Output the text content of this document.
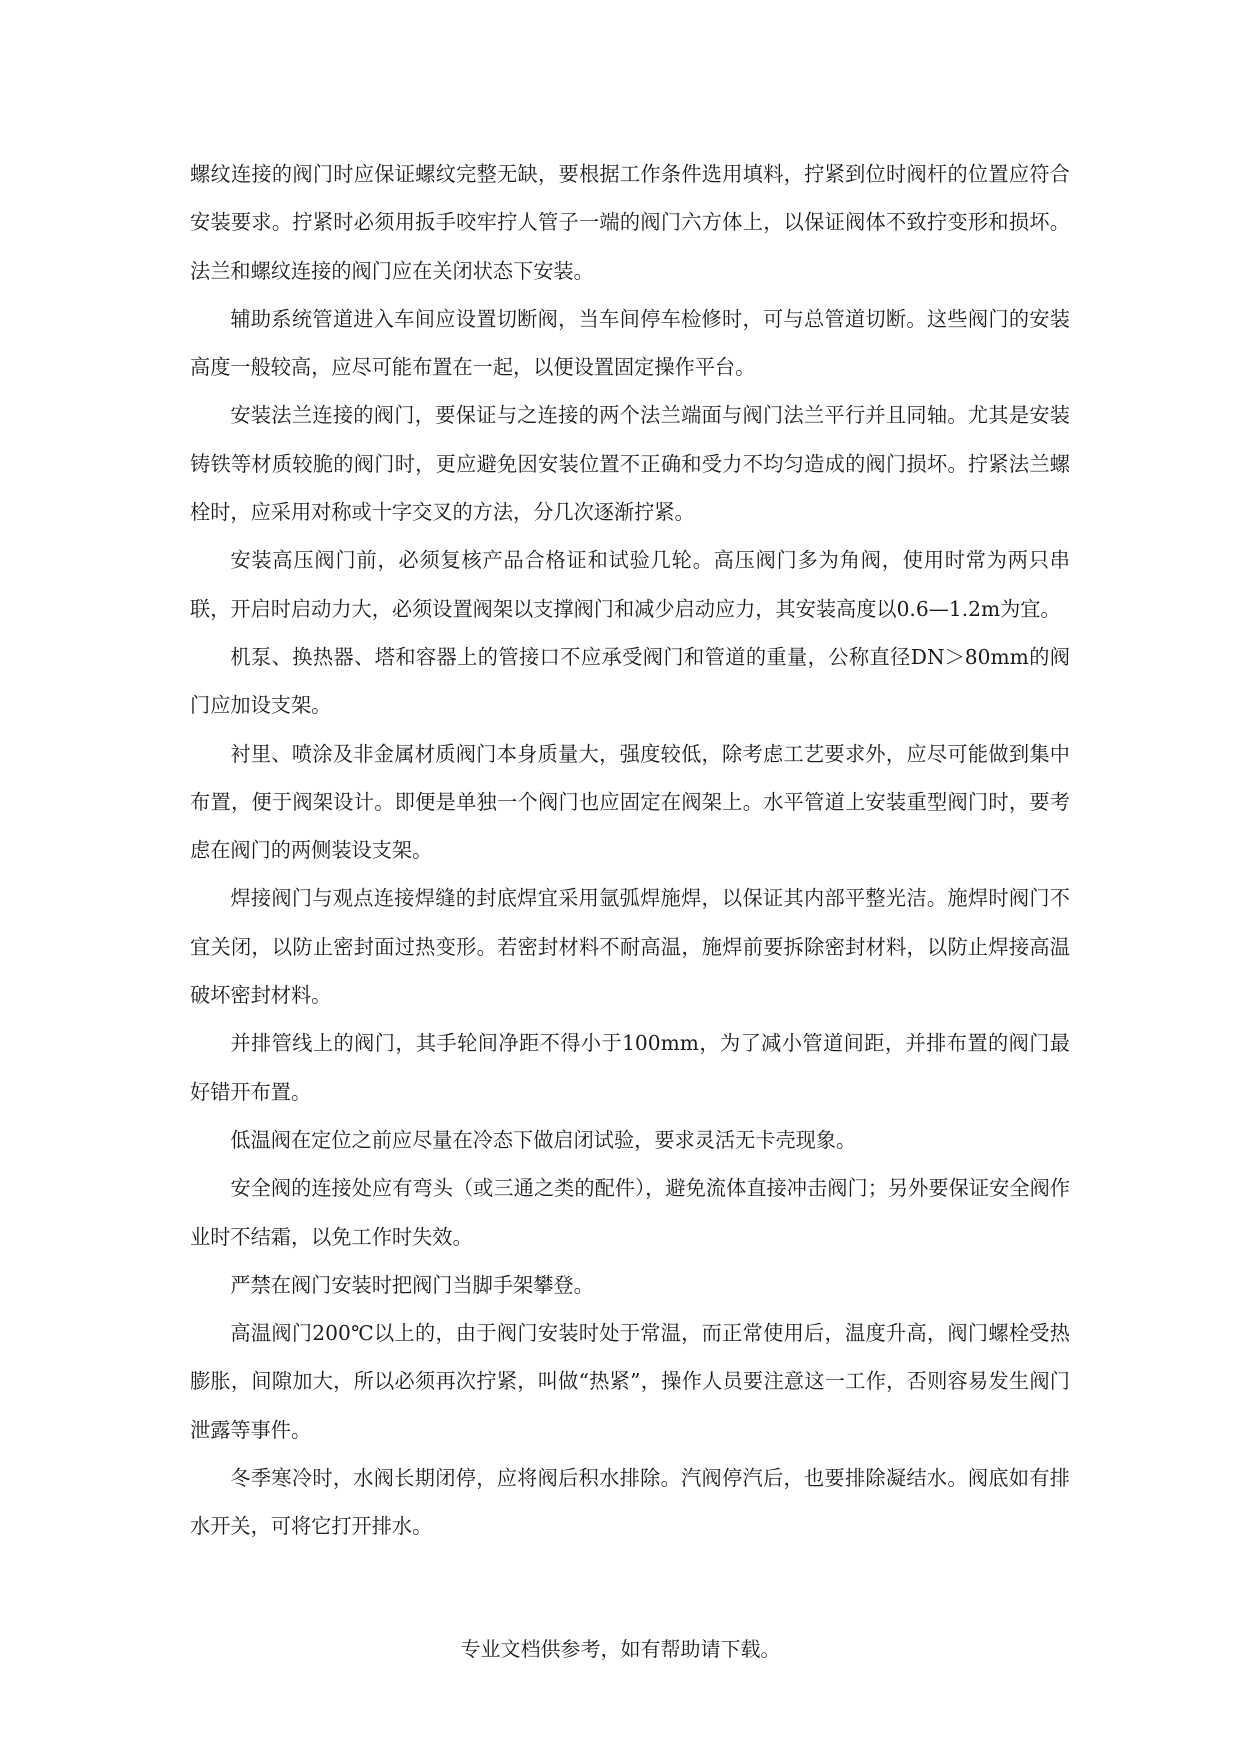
螺纹连接的阀门时应保证螺纹完整无缺，要根据工作条件选用填料，拧紧到位时阀杆的位置应符合安装要求。拧紧时必须用扳手咬牢拧人管子一端的阀门六方体上，以保证阀体不致拧变形和损坏。法兰和螺纹连接的阀门应在关闭状态下安装。

辅助系统管道进入车间应设置切断阀，当车间停车检修时，可与总管道切断。这些阀门的安装高度一般较高，应尽可能布置在一起，以便设置固定操作平台。

安装法兰连接的阀门，要保证与之连接的两个法兰端面与阀门法兰平行并且同轴。尤其是安装铸铁等材质较脆的阀门时，更应避免因安装位置不正确和受力不均匀造成的阀门损坏。拧紧法兰螺栓时，应采用对称或十字交叉的方法，分几次逐渐拧紧。

安装高压阀门前，必须复核产品合格证和试验几轮。高压阀门多为角阀，使用时常为两只串联，开启时启动力大，必须设置阀架以支撑阀门和减少启动应力，其安装高度以0.6—1.2m为宜。

机泵、换热器、塔和容器上的管接口不应承受阀门和管道的重量，公称直径DN＞80mm的阀门应加设支架。

衬里、喷涂及非金属材质阀门本身质量大，强度较低，除考虑工艺要求外，应尽可能做到集中布置，便于阀架设计。即便是单独一个阀门也应固定在阀架上。水平管道上安装重型阀门时，要考虑在阀门的两侧装设支架。

焊接阀门与观点连接焊缝的封底焊宜采用氩弧焊施焊，以保证其内部平整光洁。施焊时阀门不宜关闭，以防止密封面过热变形。若密封材料不耐高温，施焊前要拆除密封材料，以防止焊接高温破坏密封材料。

并排管线上的阀门，其手轮间净距不得小于100mm，为了减小管道间距，并排布置的阀门最好错开布置。

低温阀在定位之前应尽量在冷态下做启闭试验，要求灵活无卡壳现象。

安全阀的连接处应有弯头（或三通之类的配件），避免流体直接冲击阀门；另外要保证安全阀作业时不结霜，以免工作时失效。

严禁在阀门安装时把阀门当脚手架攀登。

高温阀门200℃以上的，由于阀门安装时处于常温，而正常使用后，温度升高，阀门螺栓受热膨胀，间隙加大，所以必须再次拧紧，叫做“热紧”，操作人员要注意这一工作，否则容易发生阀门泄露等事件。

冬季寒冷时，水阀长期闭停，应将阀后积水排除。汽阀停汽后，也要排除凝结水。阀底如有排水开关，可将它打开排水。

专业文档供参考，如有帮助请下载。
